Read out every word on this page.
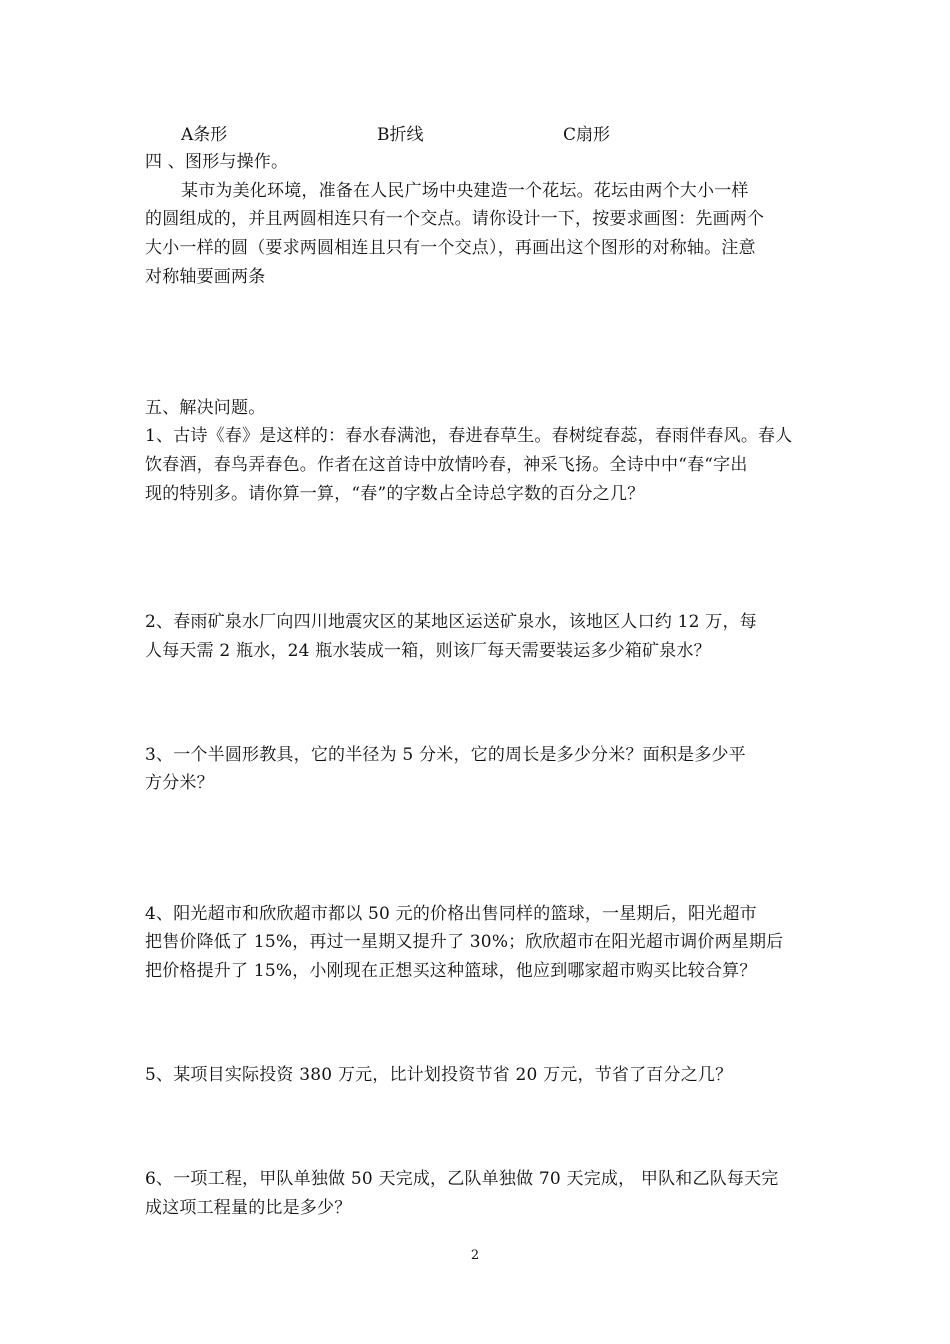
A条形	B折线	C扇形
四 、图形与操作。
某市为美化环境，准备在人民广场中央建造一个花坛。花坛由两个大小一样
的圆组成的，并且两圆相连只有一个交点。请你设计一下，按要求画图：先画两个
大小一样的圆（要求两圆相连且只有一个交点），再画出这个图形的对称轴。注意
对称轴要画两条
五、解决问题。
1、古诗《春》是这样的：春水春满池，春进春草生。春树绽春蕊，春雨伴春风。春人
饮春酒，春鸟弄春色。作者在这首诗中放情吟春，神采飞扬。全诗中中“春“字出
现的特别多。请你算一算，“春”的字数占全诗总字数的百分之几？
2、春雨矿泉水厂向四川地震灾区的某地区运送矿泉水，该地区人口约 12 万，每
人每天需 2 瓶水，24 瓶水装成一箱，则该厂每天需要装运多少箱矿泉水？
3、一个半圆形教具，它的半径为 5 分米，它的周长是多少分米？面积是多少平
方分米？
4、阳光超市和欣欣超市都以 50 元的价格出售同样的篮球，一星期后，阳光超市
把售价降低了 15%，再过一星期又提升了 30%；欣欣超市在阳光超市调价两星期后
把价格提升了 15%，小刚现在正想买这种篮球，他应到哪家超市购买比较合算？
5、某项目实际投资 380 万元，比计划投资节省 20 万元，节省了百分之几？
6、一项工程，甲队单独做 50 天完成，乙队单独做 70 天完成， 甲队和乙队每天完
成这项工程量的比是多少？
2
